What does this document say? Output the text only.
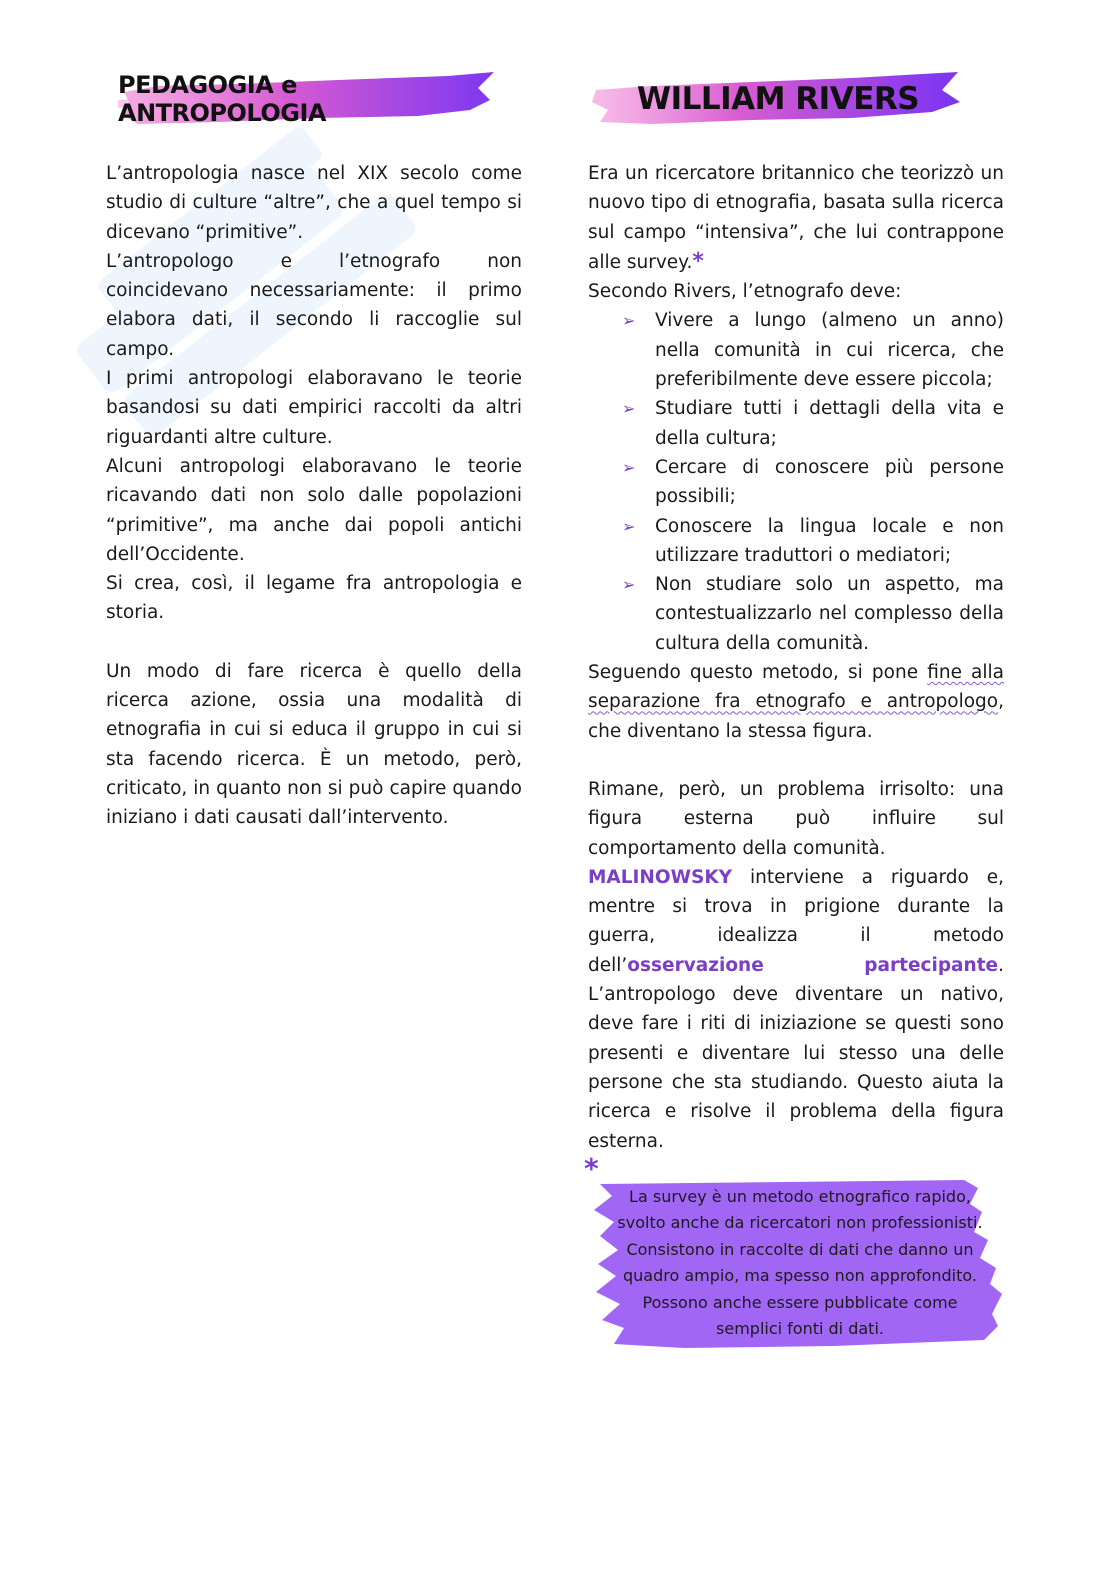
PEDAGOGIA e ANTROPOLOGIA	WILLIAM RIVERS

L’antropologia nasce nel XIX secolo come studio di culture “altre”, che a quel tempo si dicevano “primitive”.

L’antropologo e l’etnografo non coincidevano necessariamente: il primo elabora dati, il secondo li raccoglie sul campo.

I primi antropologi elaboravano le teorie basandosi su dati empirici raccolti da altri riguardanti altre culture.

Alcuni antropologi elaboravano le teorie ricavando dati non solo dalle popolazioni “primitive”, ma anche dai popoli antichi dell’Occidente.

Si crea, così, il legame fra antropologia e storia.

Un modo di fare ricerca è quello della ricerca azione, ossia una modalità di etnografia in cui si educa il gruppo in cui si sta facendo ricerca. È un metodo, però, criticato, in quanto non si può capire quando iniziano i dati causati dall’intervento.

Era un ricercatore britannico che teorizzò un nuovo tipo di etnografia, basata sulla ricerca sul campo “intensiva”, che lui contrappone alle survey.*

Secondo Rivers, l’etnografo deve:

➢ Vivere a lungo (almeno un anno) nella comunità in cui ricerca, che preferibilmente deve essere piccola;
➢ Studiare tutti i dettagli della vita e della cultura;
➢ Cercare di conoscere più persone possibili;
➢ Conoscere la lingua locale e non utilizzare traduttori o mediatori;
➢ Non studiare solo un aspetto, ma contestualizzarlo nel complesso della cultura della comunità.

Seguendo questo metodo, si pone fine alla separazione fra etnografo e antropologo, che diventano la stessa figura.

Rimane, però, un problema irrisolto: una figura esterna può influire sul comportamento della comunità.

MALINOWSKY interviene a riguardo e, mentre si trova in prigione durante la guerra, idealizza il metodo dell’osservazione partecipante. L’antropologo deve diventare un nativo, deve fare i riti di iniziazione se questi sono presenti e diventare lui stesso una delle persone che sta studiando. Questo aiuta la ricerca e risolve il problema della figura esterna.

*
La survey è un metodo etnografico rapido, svolto anche da ricercatori non professionisti. Consistono in raccolte di dati che danno un quadro ampio, ma spesso non approfondito. Possono anche essere pubblicate come semplici fonti di dati.
